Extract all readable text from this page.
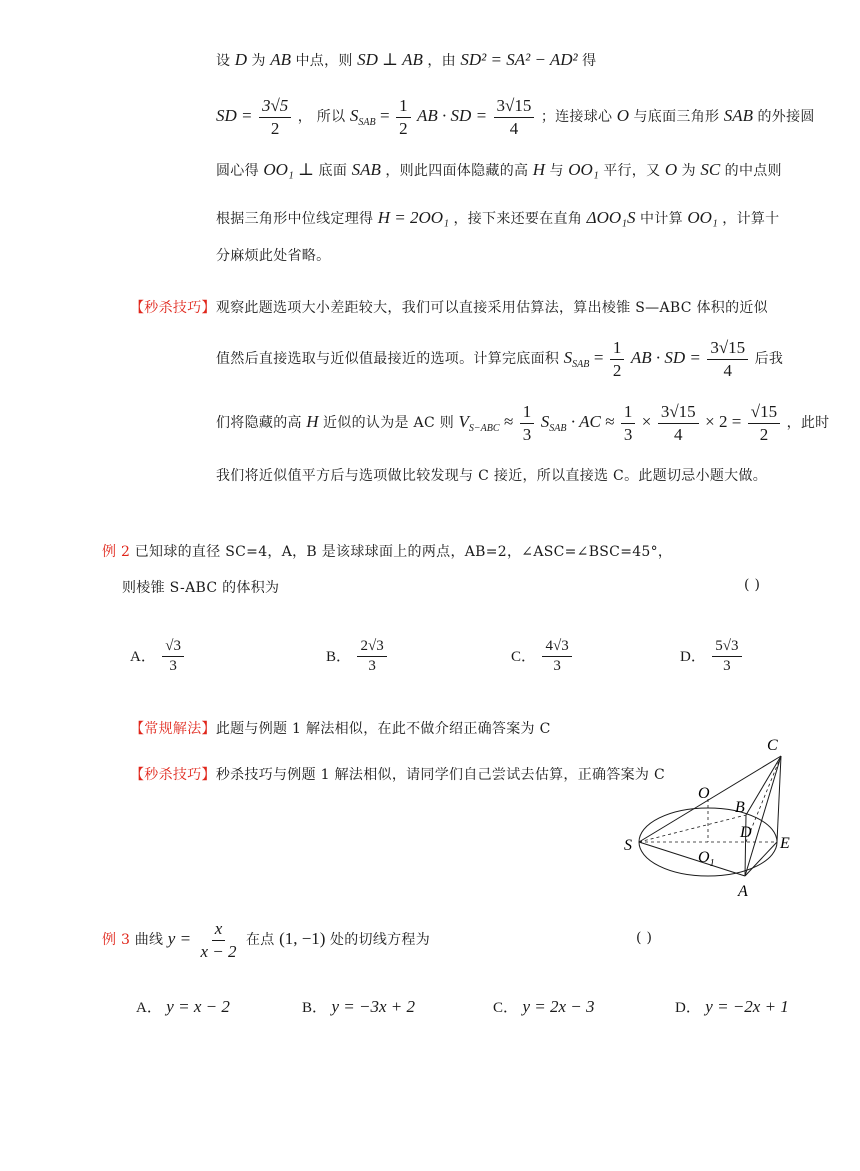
设 D 为 AB 中点，则 SD ⊥ AB ，由 SD² = SA² − AD² 得
SD = $\frac{3√5}{2}$ ， 所以 $S_{SAB} = \frac{1}{2}$ AB · SD = $\frac{3√15}{4}$ ；连接球心 O 与底面三角形 SAB 的外接圆
圆心得 OO₁ ⊥ 底面 SAB ，则此四面体隐藏的高 H 与 OO₁ 平行，又 O 为 SC 的中点则
根据三角形中位线定理得 H = 2OO₁ ，接下来还要在直角 ΔOO₁S 中计算 OO₁ ，计算十
分麻烦此处省略。
【秒杀技巧】观察此题选项大小差距较大，我们可以直接采用估算法，算出棱锥 S—ABC 体积的近似
值然后直接选取与近似值最接近的选项。计算完底面积 $S_{SAB} = \frac{1}{2}$ AB · SD = $\frac{3√15}{4}$ 后我
们将隐藏的高 H 近似的认为是 AC 则 $V_{S-ABC} \approx \frac{1}{3} S_{SAB}$ · AC ≈ $\frac{1}{3} \times \frac{3√15}{4} \times 2 = \frac{√15}{2}$ ，此时
我们将近似值平方后与选项做比较发现与 C 接近，所以直接选 C。此题切忌小题大做。
例 2 已知球的直径 SC=4，A，B 是该球球面上的两点，AB=2，∠ASC=∠BSC=45°，
则棱锥 S-ABC 的体积为	( )
A． $\frac{√3}{3}$	B． $\frac{2√3}{3}$	C． $\frac{4√3}{3}$	D． $\frac{5√3}{3}$
【常规解法】此题与例题 1 解法相似，在此不做介绍正确答案为 C
【秒杀技巧】秒杀技巧与例题 1 解法相似，请同学们自己尝试去估算，正确答案为 C
C
O
B
D
S	E
$O_1$
A
例 3 曲线 $y = \frac{x}{x - 2}$ 在点 (1, −1) 处的切线方程为	( )
A． y = x − 2	B． y = −3x + 2	C． y = 2x − 3	D． y = −2x + 1
